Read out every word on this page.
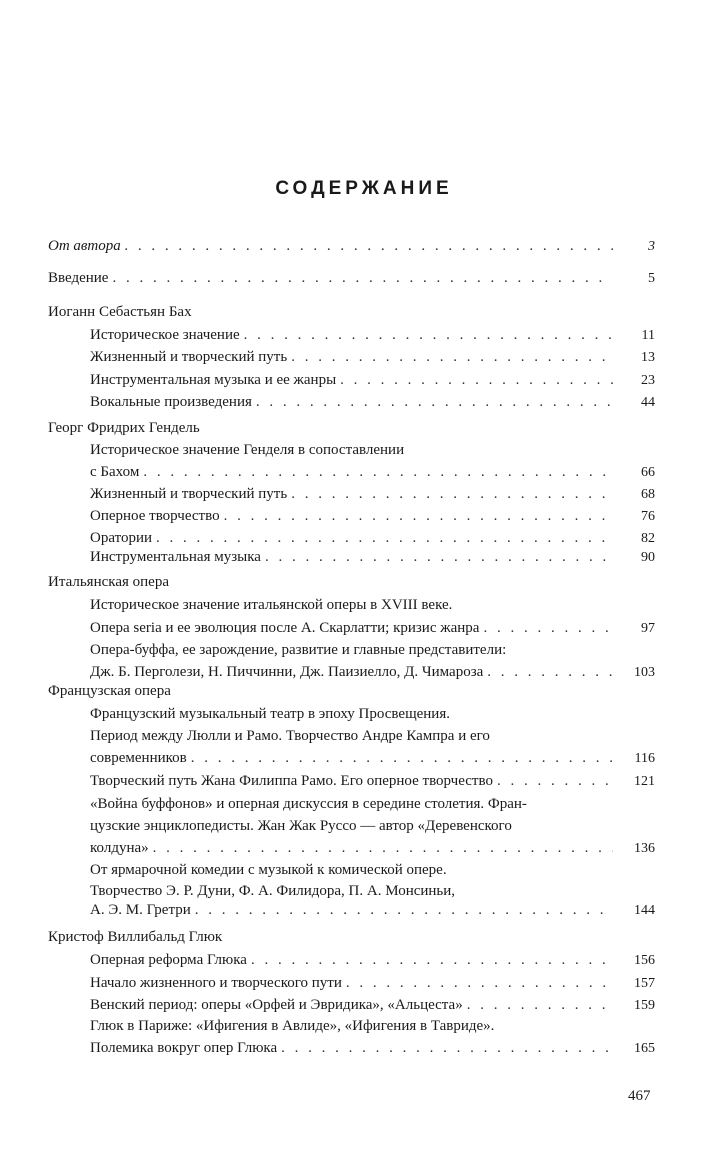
СОДЕРЖАНИЕ
От автора . . .	3
Введение . . .	5
Иоганн Себастьян Бах
Историческое значение . . .	11
Жизненный и творческий путь . . .	13
Инструментальная музыка и ее жанры . . .	23
Вокальные произведения . . .	44
Георг Фридрих Гендель
Историческое значение Генделя в сопоставлении
с Бахом . . .	66
Жизненный и творческий путь . . .	68
Оперное творчество . . .	76
Оратории . . .	82
Инструментальная музыка . . .	90
Итальянская опера
Историческое значение итальянской оперы в XVIII веке.
Опера seria и ее эволюция после А. Скарлатти; кризис жанра . . .	97
Опера-буффа, ее зарождение, развитие и главные представители:
Дж. Б. Перголези, Н. Пиччинни, Дж. Паизиелло, Д. Чимароза . . .	103
Французская опера
Французский музыкальный театр в эпоху Просвещения.
Период между Люлли и Рамо. Творчество Андре Кампра и его
современников . . .	116
Творческий путь Жана Филиппа Рамо. Его оперное творчество . . .	121
«Война буффонов» и оперная дискуссия в середине столетия. Фран-
цузские энциклопедисты. Жан Жак Руссо — автор «Деревенского
колдуна» . . .	136
От ярмарочной комедии с музыкой к комической опере.
Творчество Э. Р. Дуни, Ф. А. Филидора, П. А. Монсиньи,
А. Э. М. Гретри . . .	144
Кристоф Виллибальд Глюк
Оперная реформа Глюка . . .	156
Начало жизненного и творческого пути . . .	157
Венский период: оперы «Орфей и Эвридика», «Альцеста» . . .	159
Глюк в Париже: «Ифигения в Авлиде», «Ифигения в Тавриде».
Полемика вокруг опер Глюка . . .	165
467
